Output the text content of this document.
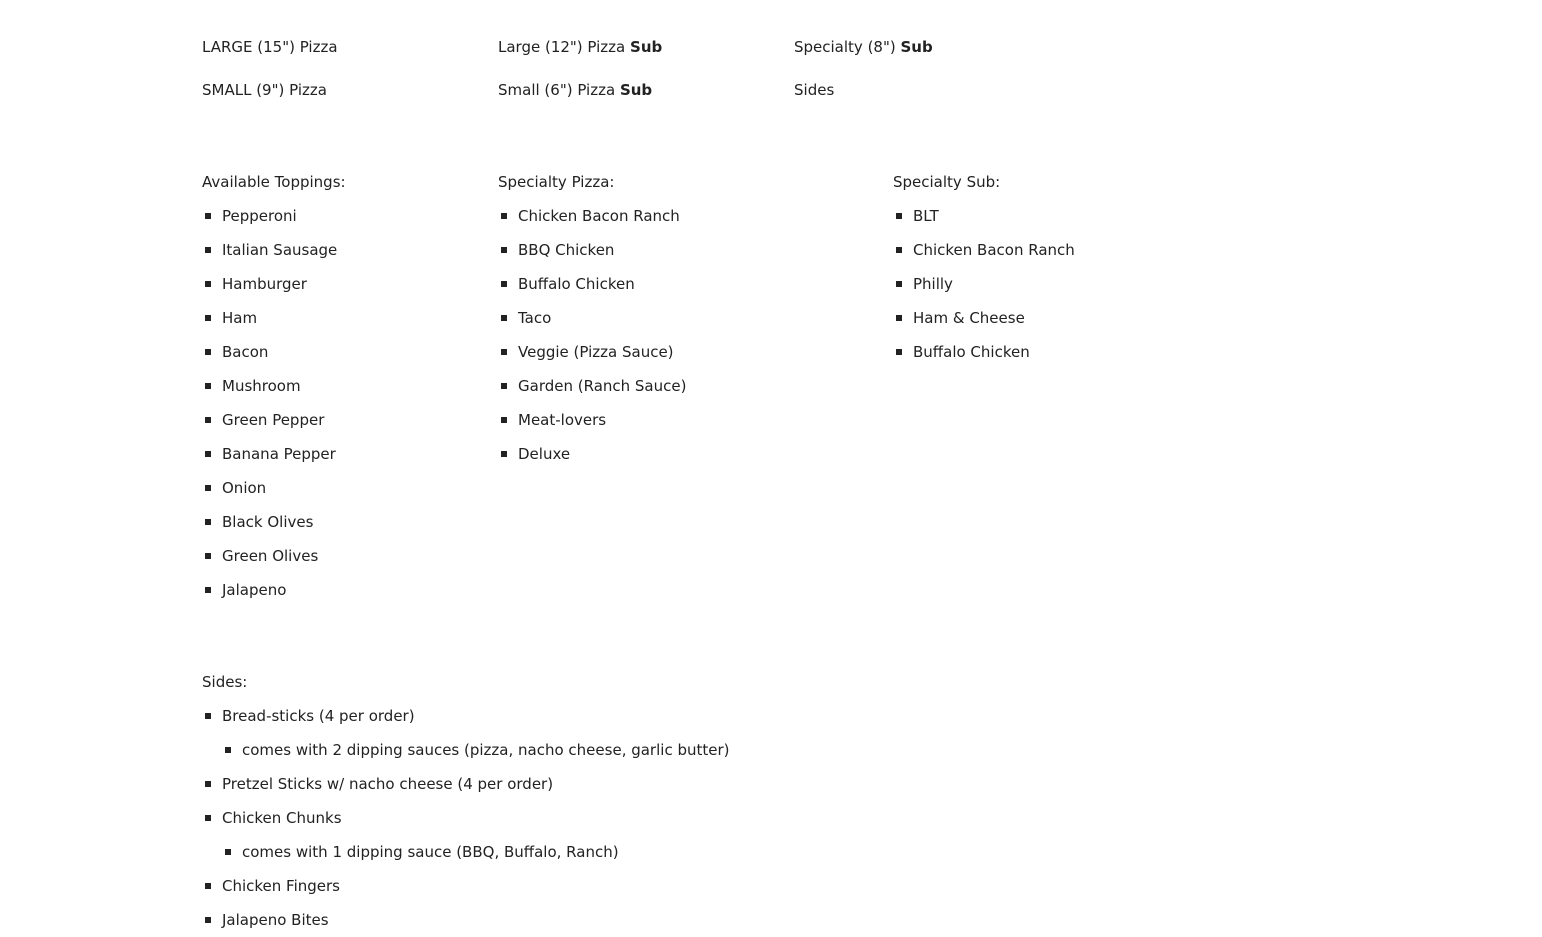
LARGE (15") Pizza
SMALL (9") Pizza
Large (12") Pizza Sub
Small (6") Pizza Sub
Specialty (8") Sub
Sides
Available Toppings:
Pepperoni
Italian Sausage
Hamburger
Ham
Bacon
Mushroom
Green Pepper
Banana Pepper
Onion
Black Olives
Green Olives
Jalapeno
Specialty Pizza:
Chicken Bacon Ranch
BBQ Chicken
Buffalo Chicken
Taco
Veggie (Pizza Sauce)
Garden (Ranch Sauce)
Meat-lovers
Deluxe
Specialty Sub:
BLT
Chicken Bacon Ranch
Philly
Ham & Cheese
Buffalo Chicken
Sides:
Bread-sticks (4 per order)
comes with 2 dipping sauces (pizza, nacho cheese, garlic butter)
Pretzel Sticks w/ nacho cheese (4 per order)
Chicken Chunks
comes with 1 dipping sauce (BBQ, Buffalo, Ranch)
Chicken Fingers
Jalapeno Bites
